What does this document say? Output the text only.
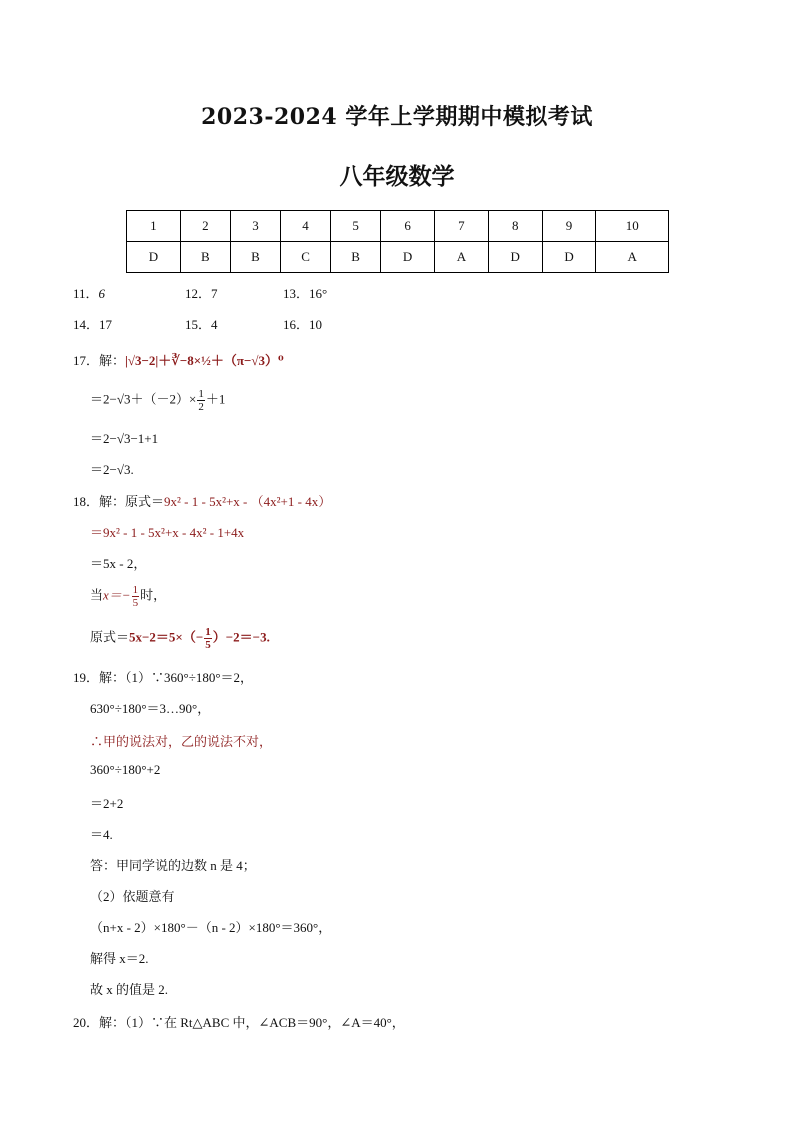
2023-2024 学年上学期期中模拟考试
八年级数学
1	2	3	4	5	6	7	8	9	10
D	B	B	C	B	D	A	D	D	A
11．6	12．7	13．16°
14．17	15．4	16．10
17．解：|√3−2|＋∛−8×½＋（π−√3）⁰
$=2-√3+(-2)\times \frac{1}{2} +1$
＝2−√3−1+1
＝2−√3.
18．解：原式＝9x² - 1 - 5x²+x - （4x²+1 - 4x）
＝9x² - 1 - 5x²+x - 4x² - 1+4x
＝5x - 2，
当$x=- \frac{1}{5}$ 时，
原式$=5x-2=5\times(- \frac{1}{5} )-2=-3$.
19．解：（1）∵360°÷180°＝2，
630°÷180°＝3…90°，
∴甲的说法对，乙的说法不对，
360°÷180°+2
＝2+2
＝4.
答：甲同学说的边数 n 是 4；
（2）依题意有
（n+x - 2）×180°－（n - 2）×180°＝360°，
解得 x＝2.
故 x 的值是 2.
20．解：（1）∵在 Rt△ABC 中，∠ACB＝90°，∠A＝40°，
